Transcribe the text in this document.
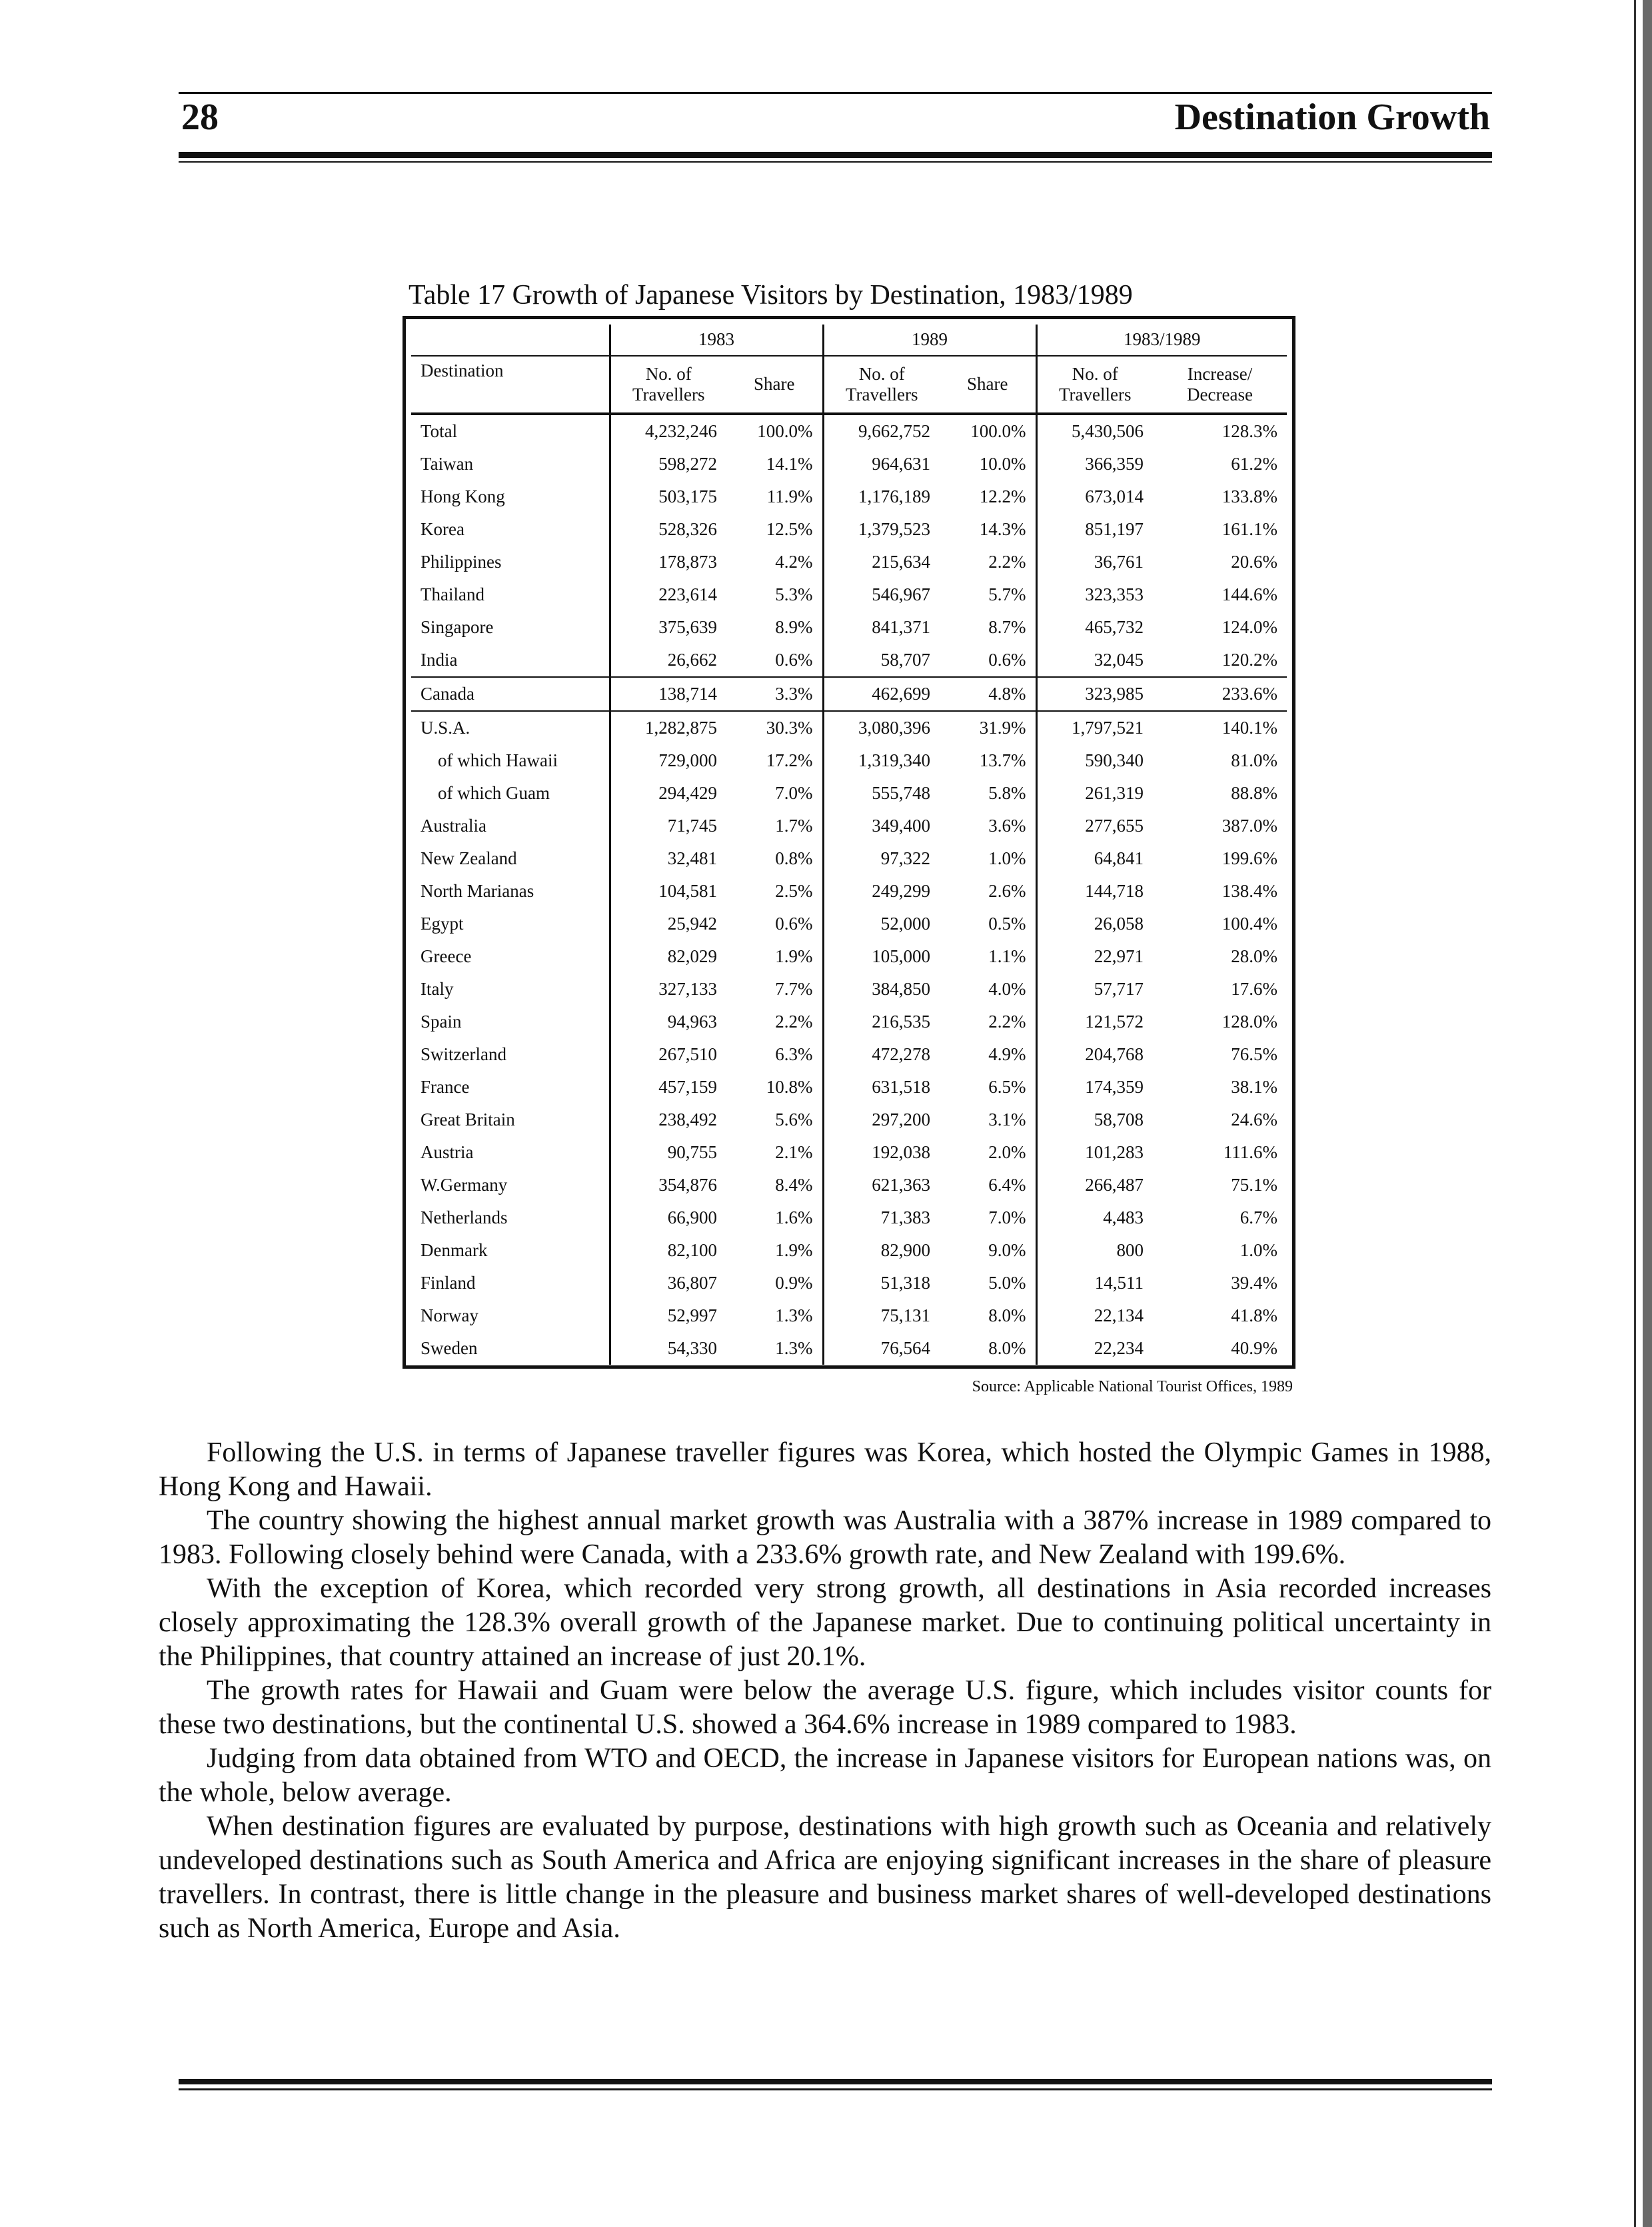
28	Destination Growth
Table 17 Growth of Japanese Visitors by Destination, 1983/1989
	1983		1989		1983/1989	
Destination	No. of Travellers	Share	No. of Travellers	Share	No. of Travellers	Increase/ Decrease
Total	4,232,246	100.0%	9,662,752	100.0%	5,430,506	128.3%
Taiwan	598,272	14.1%	964,631	10.0%	366,359	61.2%
Hong Kong	503,175	11.9%	1,176,189	12.2%	673,014	133.8%
Korea	528,326	12.5%	1,379,523	14.3%	851,197	161.1%
Philippines	178,873	4.2%	215,634	2.2%	36,761	20.6%
Thailand	223,614	5.3%	546,967	5.7%	323,353	144.6%
Singapore	375,639	8.9%	841,371	8.7%	465,732	124.0%
India	26,662	0.6%	58,707	0.6%	32,045	120.2%
Canada	138,714	3.3%	462,699	4.8%	323,985	233.6%
U.S.A.	1,282,875	30.3%	3,080,396	31.9%	1,797,521	140.1%
of which Hawaii	729,000	17.2%	1,319,340	13.7%	590,340	81.0%
of which Guam	294,429	7.0%	555,748	5.8%	261,319	88.8%
Australia	71,745	1.7%	349,400	3.6%	277,655	387.0%
New Zealand	32,481	0.8%	97,322	1.0%	64,841	199.6%
North Marianas	104,581	2.5%	249,299	2.6%	144,718	138.4%
Egypt	25,942	0.6%	52,000	0.5%	26,058	100.4%
Greece	82,029	1.9%	105,000	1.1%	22,971	28.0%
Italy	327,133	7.7%	384,850	4.0%	57,717	17.6%
Spain	94,963	2.2%	216,535	2.2%	121,572	128.0%
Switzerland	267,510	6.3%	472,278	4.9%	204,768	76.5%
France	457,159	10.8%	631,518	6.5%	174,359	38.1%
Great Britain	238,492	5.6%	297,200	3.1%	58,708	24.6%
Austria	90,755	2.1%	192,038	2.0%	101,283	111.6%
W.Germany	354,876	8.4%	621,363	6.4%	266,487	75.1%
Netherlands	66,900	1.6%	71,383	7.0%	4,483	6.7%
Denmark	82,100	1.9%	82,900	9.0%	800	1.0%
Finland	36,807	0.9%	51,318	5.0%	14,511	39.4%
Norway	52,997	1.3%	75,131	8.0%	22,134	41.8%
Sweden	54,330	1.3%	76,564	8.0%	22,234	40.9%
Source: Applicable National Tourist Offices, 1989

Following the U.S. in terms of Japanese traveller figures was Korea, which hosted the Olympic Games in 1988, Hong Kong and Hawaii.

The country showing the highest annual market growth was Australia with a 387% increase in 1989 compared to 1983. Following closely behind were Canada, with a 233.6% growth rate, and New Zealand with 199.6%.

With the exception of Korea, which recorded very strong growth, all destinations in Asia recorded increases closely approximating the 128.3% overall growth of the Japanese market. Due to continuing political uncertainty in the Philippines, that country attained an increase of just 20.1%.

The growth rates for Hawaii and Guam were below the average U.S. figure, which includes visitor counts for these two destinations, but the continental U.S. showed a 364.6% increase in 1989 compared to 1983.

Judging from data obtained from WTO and OECD, the increase in Japanese visitors for European nations was, on the whole, below average.

When destination figures are evaluated by purpose, destinations with high growth such as Oceania and relatively undeveloped destinations such as South America and Africa are enjoying significant increases in the share of pleasure travellers. In contrast, there is little change in the pleasure and business market shares of well-developed destinations such as North America, Europe and Asia.
